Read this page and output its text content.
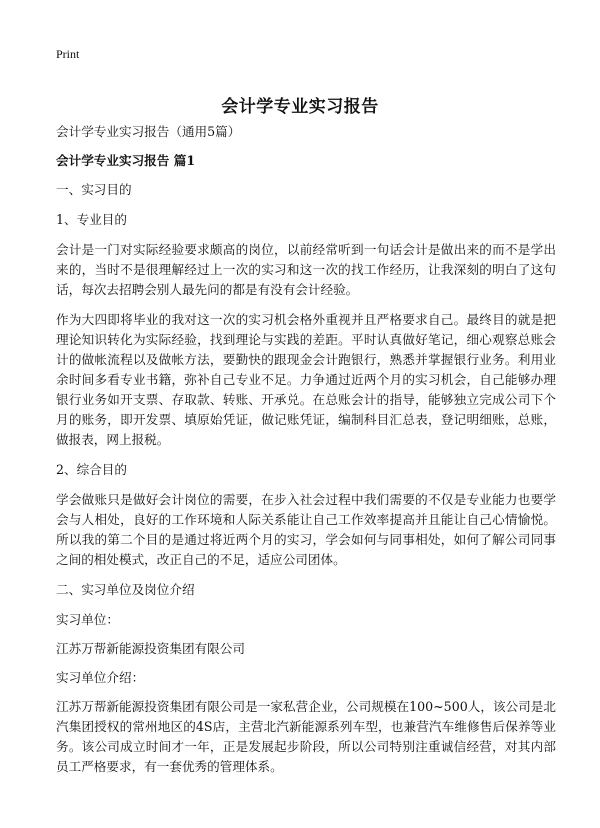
Print
会计学专业实习报告

会计学专业实习报告（通用5篇）

会计学专业实习报告 篇1

一、实习目的

1、专业目的

会计是一门对实际经验要求颇高的岗位，以前经常听到一句话会计是做出来的而不是学出来的，当时不是很理解经过上一次的实习和这一次的找工作经历，让我深刻的明白了这句话，每次去招聘会别人最先问的都是有没有会计经验。

作为大四即将毕业的我对这一次的实习机会格外重视并且严格要求自己。最终目的就是把理论知识转化为实际经验，找到理论与实践的差距。平时认真做好笔记，细心观察总账会计的做帐流程以及做帐方法，要勤快的跟现金会计跑银行，熟悉并掌握银行业务。利用业余时间多看专业书籍，弥补自己专业不足。力争通过近两个月的实习机会，自己能够办理银行业务如开支票、存取款、转账、开承兑。在总账会计的指导，能够独立完成公司下个月的账务，即开发票、填原始凭证，做记账凭证，编制科目汇总表，登记明细账，总账，做报表，网上报税。

2、综合目的

学会做账只是做好会计岗位的需要，在步入社会过程中我们需要的不仅是专业能力也要学会与人相处，良好的工作环境和人际关系能让自己工作效率提高并且能让自己心情愉悦。所以我的第二个目的是通过将近两个月的实习，学会如何与同事相处，如何了解公司同事之间的相处模式，改正自己的不足，适应公司团体。

二、实习单位及岗位介绍

实习单位：

江苏万帮新能源投资集团有限公司

实习单位介绍：

江苏万帮新能源投资集团有限公司是一家私营企业，公司规模在100~500人，该公司是北汽集团授权的常州地区的4S店，主营北汽新能源系列车型，也兼营汽车维修售后保养等业务。该公司成立时间才一年，正是发展起步阶段，所以公司特别注重诚信经营，对其内部员工严格要求，有一套优秀的管理体系。
